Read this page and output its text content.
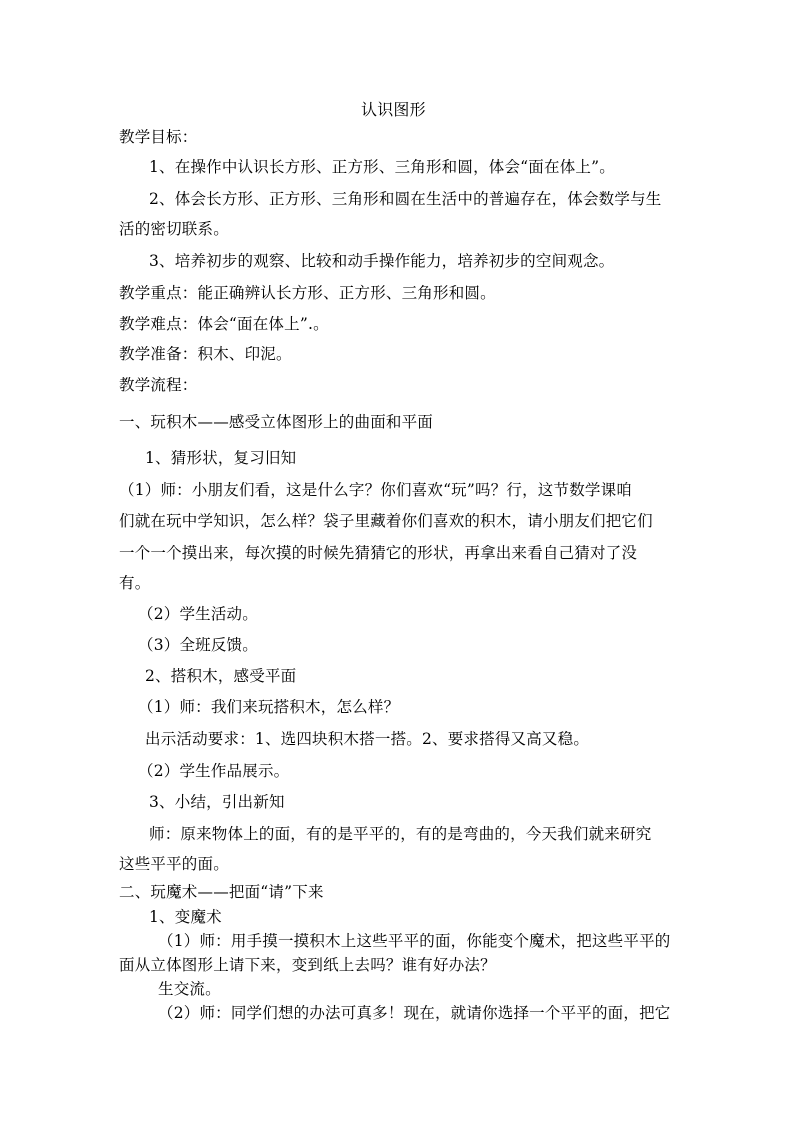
认识图形
教学目标：
1、在操作中认识长方形、正方形、三角形和圆，体会“面在体上”。
2、体会长方形、正方形、三角形和圆在生活中的普遍存在，体会数学与生
活的密切联系。
3、培养初步的观察、比较和动手操作能力，培养初步的空间观念。
教学重点：能正确辨认长方形、正方形、三角形和圆。
教学难点：体会“面在体上”.。
教学准备：积木、印泥。
教学流程：
一、玩积木——感受立体图形上的曲面和平面
1、猜形状，复习旧知
（1）师：小朋友们看，这是什么字？你们喜欢“玩”吗？行，这节数学课咱
们就在玩中学知识，怎么样？袋子里藏着你们喜欢的积木，请小朋友们把它们
一个一个摸出来，每次摸的时候先猜猜它的形状，再拿出来看自己猜对了没
有。
（2）学生活动。
（3）全班反馈。
2、搭积木，感受平面
（1）师：我们来玩搭积木，怎么样？
出示活动要求：1、选四块积木搭一搭。2、要求搭得又高又稳。
（2）学生作品展示。
3、小结，引出新知
师：原来物体上的面，有的是平平的，有的是弯曲的，今天我们就来研究
这些平平的面。
二、玩魔术——把面“请”下来
1、变魔术
（1）师：用手摸一摸积木上这些平平的面，你能变个魔术，把这些平平的
面从立体图形上请下来，变到纸上去吗？谁有好办法？
生交流。
（2）师：同学们想的办法可真多！现在，就请你选择一个平平的面，把它
